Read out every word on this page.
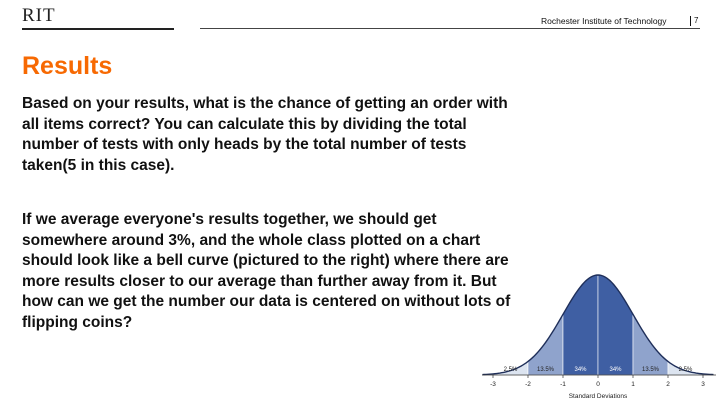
RIT	Rochester Institute of Technology	7
Results

Based on your results, what is the chance of getting an order with all items correct? You can calculate this by dividing the total number of tests with only heads by the total number of tests taken(5 in this case).

If we average everyone's results together, we should get somewhere around 3%, and the whole class plotted on a chart should look like a bell curve (pictured to the right) where there are more results closer to our average than further away from it. But how can we get the number our data is centered on without lots of flipping coins?

2.5%	13.5%	34%	34%	13.5%	2.5%
-3	-2	-1	0	1	2	3
Standard Deviations
